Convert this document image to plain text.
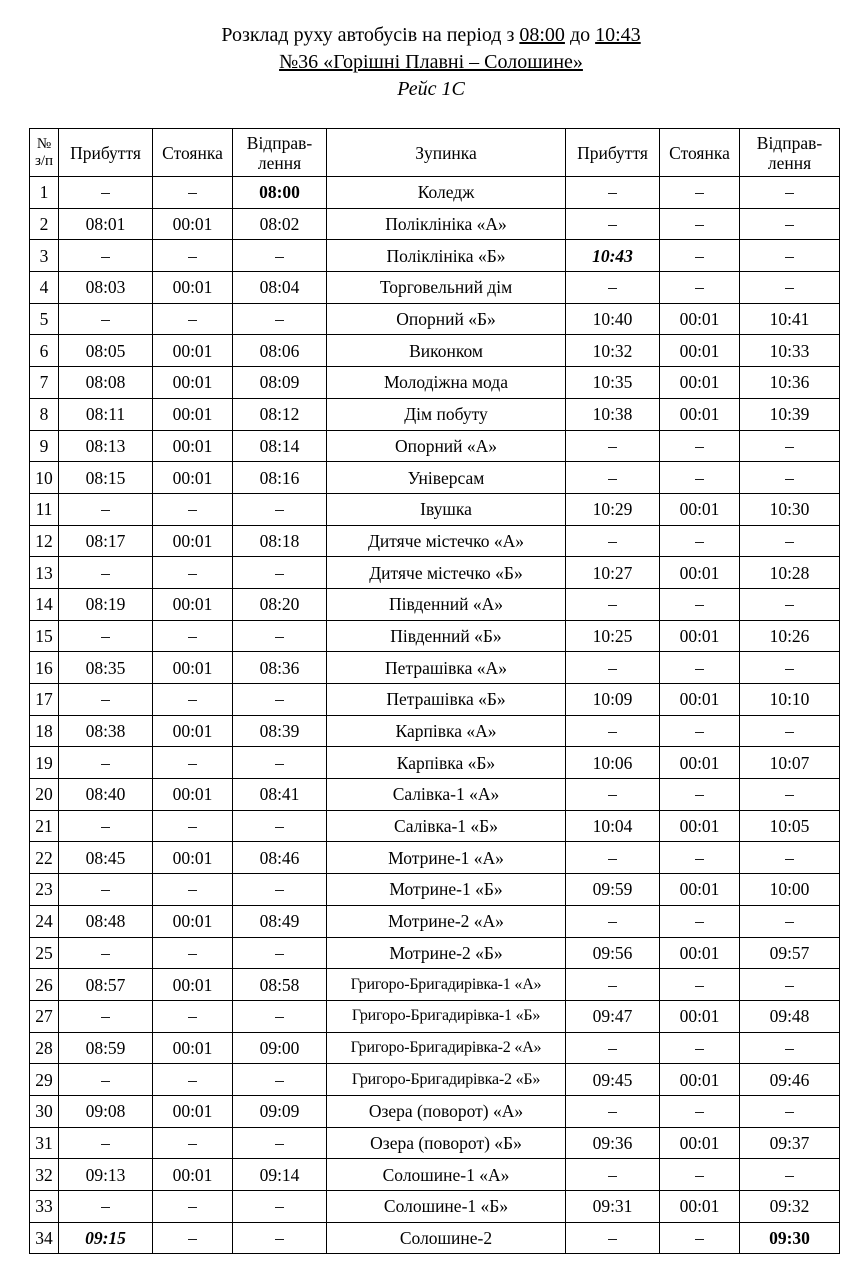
Розклад руху автобусів на період з 08:00 до 10:43
№36 «Горішні Плавні – Солошине»
Рейс 1С
№
з/п	Прибуття	Стоянка	Відправ-
лення	Зупинка	Прибуття	Стоянка	Відправ-
лення
1	–	–	08:00	Коледж	–	–	–
2	08:01	00:01	08:02	Поліклініка «А»	–	–	–
3	–	–	–	Поліклініка «Б»	10:43	–	–
4	08:03	00:01	08:04	Торговельний дім	–	–	–
5	–	–	–	Опорний «Б»	10:40	00:01	10:41
6	08:05	00:01	08:06	Виконком	10:32	00:01	10:33
7	08:08	00:01	08:09	Молодіжна мода	10:35	00:01	10:36
8	08:11	00:01	08:12	Дім побуту	10:38	00:01	10:39
9	08:13	00:01	08:14	Опорний «А»	–	–	–
10	08:15	00:01	08:16	Універсам	–	–	–
11	–	–	–	Івушка	10:29	00:01	10:30
12	08:17	00:01	08:18	Дитяче містечко «А»	–	–	–
13	–	–	–	Дитяче містечко «Б»	10:27	00:01	10:28
14	08:19	00:01	08:20	Південний «А»	–	–	–
15	–	–	–	Південний «Б»	10:25	00:01	10:26
16	08:35	00:01	08:36	Петрашівка «А»	–	–	–
17	–	–	–	Петрашівка «Б»	10:09	00:01	10:10
18	08:38	00:01	08:39	Карпівка «А»	–	–	–
19	–	–	–	Карпівка «Б»	10:06	00:01	10:07
20	08:40	00:01	08:41	Салівка-1 «А»	–	–	–
21	–	–	–	Салівка-1 «Б»	10:04	00:01	10:05
22	08:45	00:01	08:46	Мотрине-1 «А»	–	–	–
23	–	–	–	Мотрине-1 «Б»	09:59	00:01	10:00
24	08:48	00:01	08:49	Мотрине-2 «А»	–	–	–
25	–	–	–	Мотрине-2 «Б»	09:56	00:01	09:57
26	08:57	00:01	08:58	Григоро-Бригадирівка-1 «А»	–	–	–
27	–	–	–	Григоро-Бригадирівка-1 «Б»	09:47	00:01	09:48
28	08:59	00:01	09:00	Григоро-Бригадирівка-2 «А»	–	–	–
29	–	–	–	Григоро-Бригадирівка-2 «Б»	09:45	00:01	09:46
30	09:08	00:01	09:09	Озера (поворот) «А»	–	–	–
31	–	–	–	Озера (поворот) «Б»	09:36	00:01	09:37
32	09:13	00:01	09:14	Солошине-1 «А»	–	–	–
33	–	–	–	Солошине-1 «Б»	09:31	00:01	09:32
34	09:15	–	–	Солошине-2	–	–	09:30
